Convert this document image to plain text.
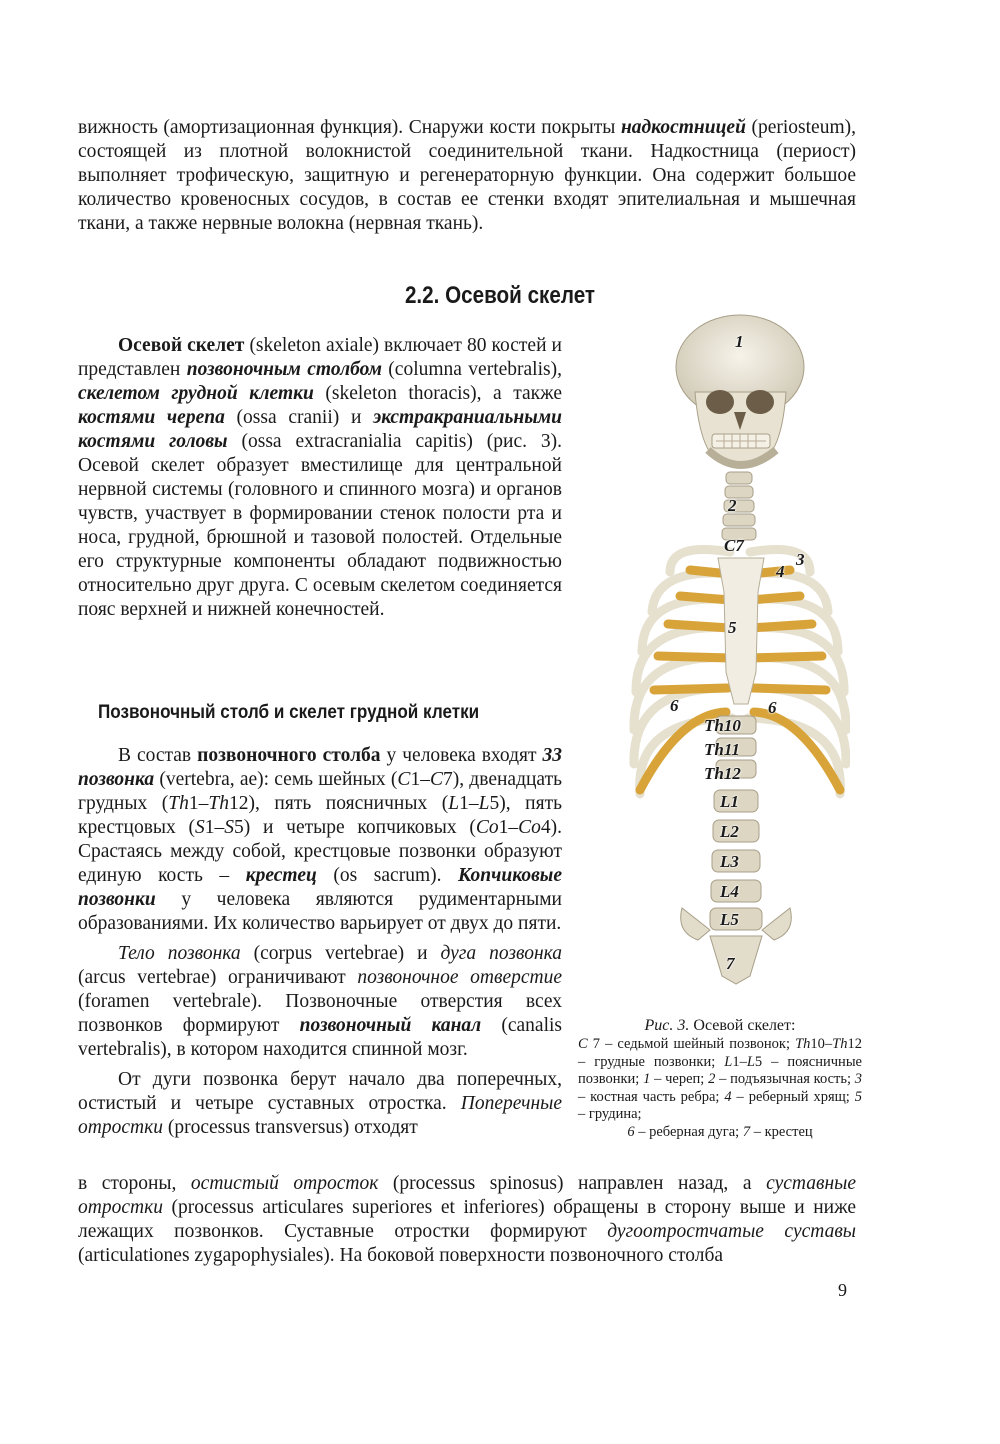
вижность (амортизационная функция). Снаружи кости покрыты надкостницей (periosteum), состоящей из плотной волокнистой соединительной ткани. Надкостница (периост) выполняет трофическую, защитную и регенераторную функции. Она содержит большое количество кровеносных сосудов, в состав ее стенки входят эпителиальная и мышечная ткани, а также нервные волокна (нервная ткань).

2.2. Осевой скелет

Осевой скелет (skeleton axiale) включает 80 костей и представлен позвоночным столбом (columna vertebralis), скелетом грудной клетки (skeleton thoracis), а также костями черепа (ossa cranii) и экстракраниальными костями головы (ossa extracranialia capitis) (рис. 3). Осевой скелет образует вместилище для центральной нервной системы (головного и спинного мозга) и органов чувств, участвует в формировании стенок полости рта и носа, грудной, брюшной и тазовой полостей. Отдельные его структурные компоненты обладают подвижностью относительно друг друга. С осевым скелетом соединяется пояс верхней и нижней конечностей.

Позвоночный столб и скелет грудной клетки

В состав позвоночного столба у человека входят 33 позвонка (vertebra, ae): семь шейных (C1–C7), двенадцать грудных (Th1–Th12), пять поясничных (L1–L5), пять крестцовых (S1–S5) и четыре копчиковых (Co1–Co4). Срастаясь между собой, крестцовые позвонки образуют единую кость – крестец (os sacrum). Копчиковые позвонки у человека являются рудиментарными образованиями. Их количество варьирует от двух до пяти.

Тело позвонка (corpus vertebrae) и дуга позвонка (arcus vertebrae) ограничивают позвоночное отверстие (foramen vertebrale). Позвоночные отверстия всех позвонков формируют позвоночный канал (canalis vertebralis), в котором находится спинной мозг.

От дуги позвонка берут начало два поперечных, остистый и четыре суставных отростка. Поперечные отростки (processus transversus) отходят

в стороны, остистый отросток (processus spinosus) направлен назад, а суставные отростки (processus articulares superiores et inferiores) обращены в сторону выше и ниже лежащих позвонков. Суставные отростки формируют дугоотростчатые суставы (articulationes zygapophysiales). На боковой поверхности позвоночного столба

1
2
C7
3
4
5
6	6
Th10
Th11
Th12
L1
L2
L3
L4
L5
7

Рис. 3. Осевой скелет:

C 7 – седьмой шейный позвонок; Th10–Th12 – грудные позвонки; L1–L5 – поясничные позвонки; 1 – череп; 2 – подъязычная кость; 3 – костная часть ребра; 4 – реберный хрящ; 5 – грудина;

6 – реберная дуга; 7 – крестец

9
